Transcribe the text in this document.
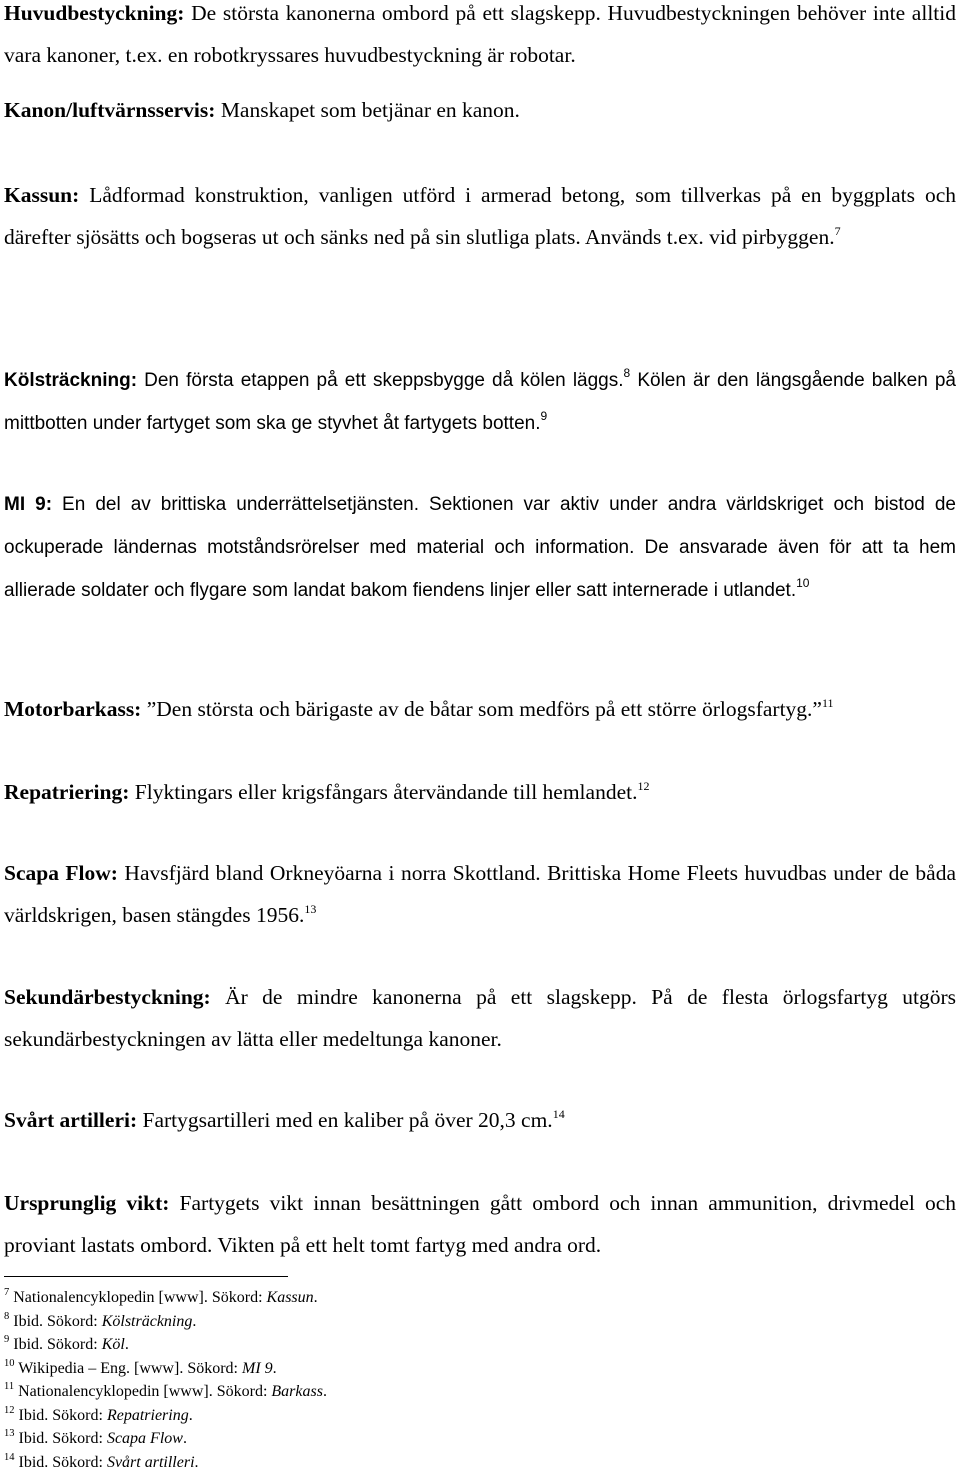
Huvudbestyckning: De största kanonerna ombord på ett slagskepp. Huvudbestyckningen behöver inte alltid vara kanoner, t.ex. en robotkryssares huvudbestyckning är robotar.

Kanon/luftvärnsservis: Manskapet som betjänar en kanon.

Kassun: Lådformad konstruktion, vanligen utförd i armerad betong, som tillverkas på en byggplats och därefter sjösätts och bogseras ut och sänks ned på sin slutliga plats. Används t.ex. vid pirbyggen.$^7$

Kölsträckning: Den första etappen på ett skeppsbygge då kölen läggs.$^8$ Kölen är den längsgående balken på mittbotten under fartyget som ska ge styvhet åt fartygets botten.$^9$

MI 9: En del av brittiska underrättelsetjänsten. Sektionen var aktiv under andra världskriget och bistod de ockuperade ländernas motståndsrörelser med material och information. De ansvarade även för att ta hem allierade soldater och flygare som landat bakom fiendens linjer eller satt internerade i utlandet.$^{10}$

Motorbarkass: ”Den största och bärigaste av de båtar som medförs på ett större örlogsfartyg.”$^{11}$

Repatriering: Flyktingars eller krigsfångars återvändande till hemlandet.$^{12}$

Scapa Flow: Havsfjärd bland Orkneyöarna i norra Skottland. Brittiska Home Fleets huvudbas under de båda världskrigen, basen stängdes 1956.13

Sekundärbestyckning: Är de mindre kanonerna på ett slagskepp. På de flesta örlogsfartyg utgörs sekundärbestyckningen av lätta eller medeltunga kanoner.

Svårt artilleri: Fartygsartilleri med en kaliber på över 20,3 cm.$^{14}$

Ursprunglig vikt: Fartygets vikt innan besättningen gått ombord och innan ammunition, drivmedel och proviant lastats ombord. Vikten på ett helt tomt fartyg med andra ord.

$^7$ Nationalencyklopedin [www]. Sökord: Kassun.
$^8$ Ibid. Sökord: Kölsträckning.
$^9$ Ibid. Sökord: Köl.
$^{10}$ Wikipedia – Eng. [www]. Sökord: MI 9.
$^{11}$ Nationalencyklopedin [www]. Sökord: Barkass.
$^{12}$ Ibid. Sökord: Repatriering.
$^{13}$ Ibid. Sökord: Scapa Flow.
$^{14}$ Ibid. Sökord: Svårt artilleri.
